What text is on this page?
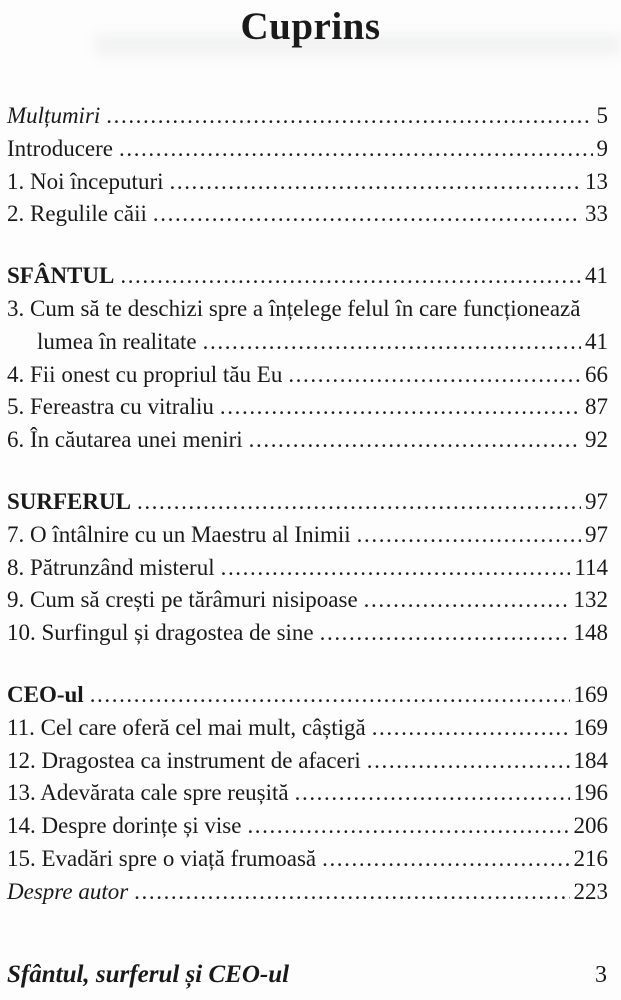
Cuprins
Mulțumiri .....	5
Introducere .....	9
1. Noi începuturi .....	13
2. Regulile căii .....	33
SFÂNTUL .....	41
3. Cum să te deschizi spre a înțelege felul în care funcționează
lumea în realitate .....	41
4. Fii onest cu propriul tău Eu .....	66
5. Fereastra cu vitraliu .....	87
6. În căutarea unei meniri .....	92
SURFERUL .....	97
7. O întâlnire cu un Maestru al Inimii .....	97
8. Pătrunzând misterul .....	114
9. Cum să crești pe tărâmuri nisipoase .....	132
10. Surfingul și dragostea de sine .....	148
CEO-ul .....	169
11. Cel care oferă cel mai mult, câștigă .....	169
12. Dragostea ca instrument de afaceri .....	184
13. Adevărata cale spre reușită .....	196
14. Despre dorințe și vise .....	206
15. Evadări spre o viață frumoasă .....	216
Despre autor .....	223
Sfântul, surferul și CEO-ul	3
